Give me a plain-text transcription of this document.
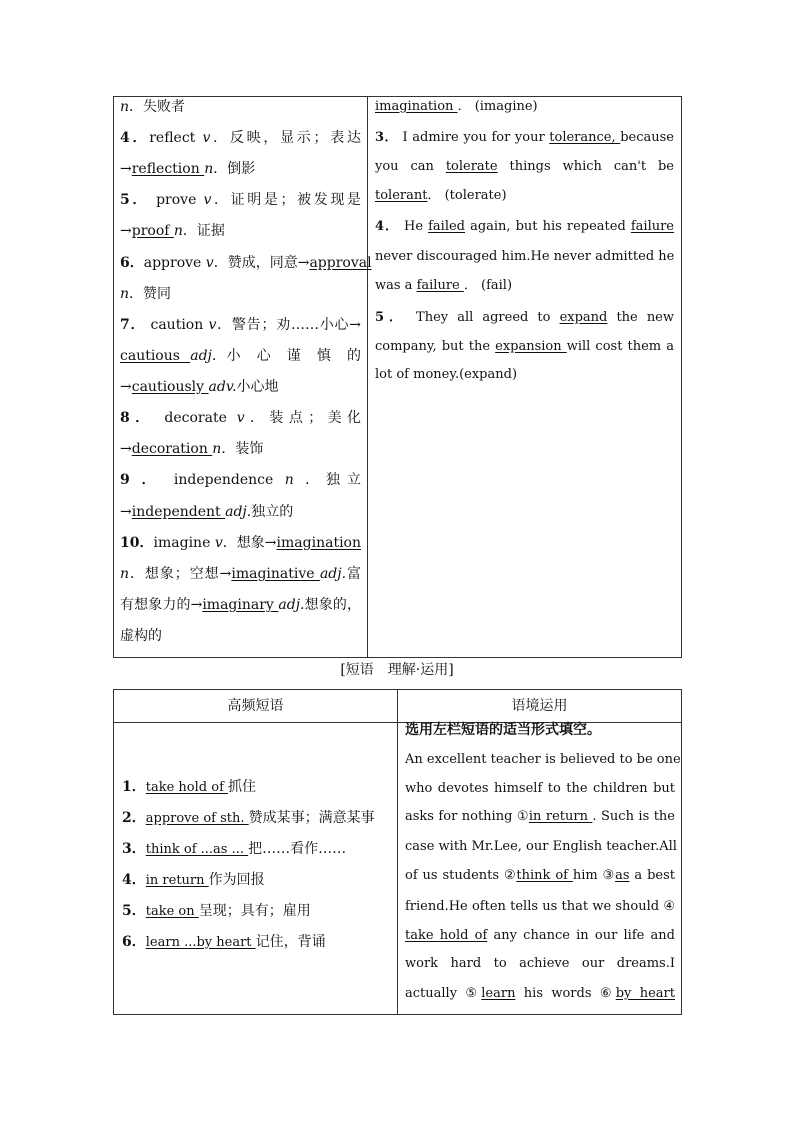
n．失败者
4．reflect v．反映，显示；表达
→reflection n．倒影
5． prove v．证明是；被发现是
→proof n．证据
6．approve v．赞成，同意→approval
n．赞同
7． caution v．警告；劝……小心→
cautious adj. 小 心 谨 慎 的
→cautiously adv.小心地
8． decorate v．装点；美化
→decoration n．装饰
9 ． independence n ．独立
→independent adj.独立的
10．imagine v．想象→imagination
n．想象；空想→imaginative adj.富
有想象力的→imaginary adj.想象的，
虚构的
imagination ． (imagine)
3． I admire you for your tolerance, because
you can tolerate things which can't be
tolerant． (tolerate)
4． He failed again, but his repeated failure
never discouraged him.He never admitted he
was a failure ． (fail)
5． They all agreed to expand the new
company, but the expansion will cost them a
lot of money.(expand)
[短语　理解·运用]
高频短语	语境运用
1．take hold of 抓住
2．approve of sth. 赞成某事；满意某事
3．think of ...as ... 把……看作……
4．in return 作为回报
5．take on 呈现；具有；雇用
6．learn ...by heart 记住，背诵
选用左栏短语的适当形式填空。
An excellent teacher is believed to be one
who devotes himself to the children but
asks for nothing ①in return . Such is the
case with Mr.Lee, our English teacher.All
of us students ②think of him ③as a best
friend.He often tells us that we should ④
take hold of any chance in our life and
work hard to achieve our dreams.I
actually ⑤learn his words ⑥by heart
